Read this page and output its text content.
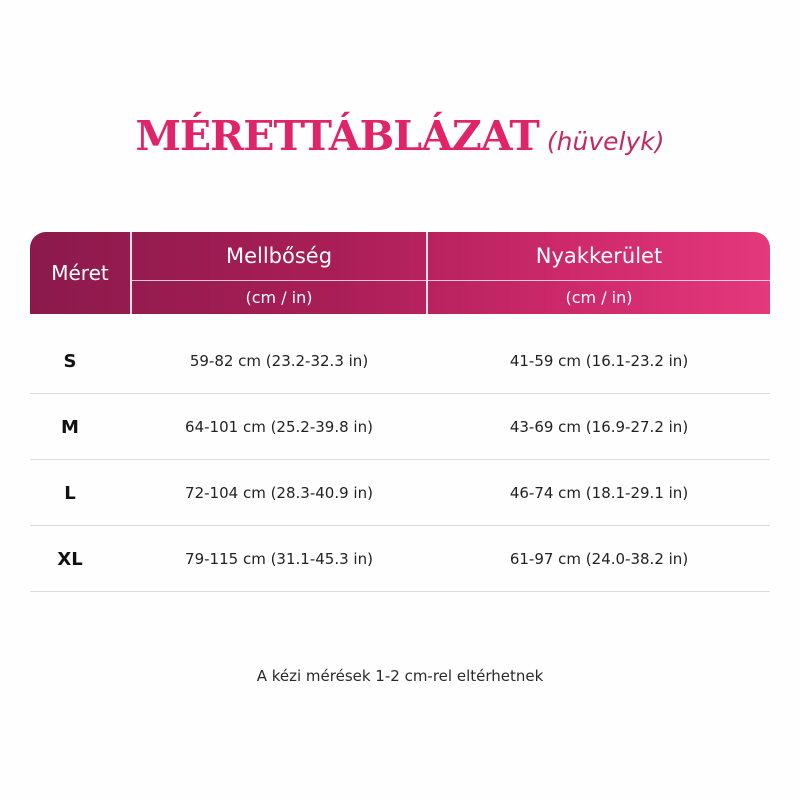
MÉRETTÁBLÁZAT (hüvelyk)
Méret
Mellbőség
(cm / in)
Nyakkerület
(cm / in)
S	59-82 cm (23.2-32.3 in)	41-59 cm (16.1-23.2 in)
M	64-101 cm (25.2-39.8 in)	43-69 cm (16.9-27.2 in)
L	72-104 cm (28.3-40.9 in)	46-74 cm (18.1-29.1 in)
XL	79-115 cm (31.1-45.3 in)	61-97 cm (24.0-38.2 in)
A kézi mérések 1-2 cm-rel eltérhetnek
